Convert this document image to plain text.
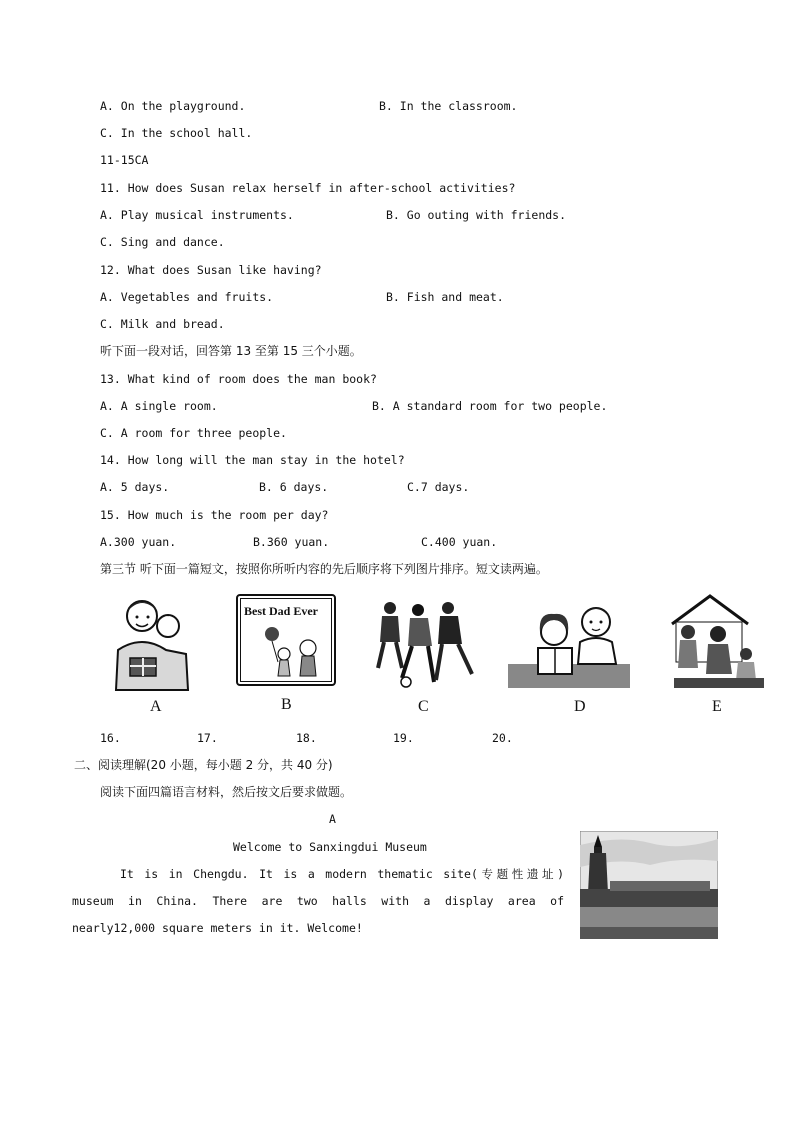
A. On the playground.	B. In the classroom.
C. In the school hall.
11-15CA
11. How does Susan relax herself in after-school activities?
A. Play musical instruments.	B. Go outing with friends.
C. Sing and dance.
12. What does Susan like having?
A. Vegetables and fruits.	B. Fish and meat.
C. Milk and bread.
听下面一段对话，回答第 13 至第 15 三个小题。
13. What kind of room does the man book?
A. A single room.	B. A standard room for two people.
C. A room for three people.
14. How long will the man stay in the hotel?
A. 5 days.	B. 6 days.	C.7 days.
15. How much is the room per day?
A.300 yuan.	B.360 yuan.	C.400 yuan.
第三节 听下面一篇短文，按照你所听内容的先后顺序将下列图片排序。短文读两遍。
A
Best Dad Ever
B	C	D	E
16.	17.	18.	19.	20.
二、阅读理解(20 小题，每小题 2 分，共 40 分)
阅读下面四篇语言材料，然后按文后要求做题。
A
Welcome to Sanxingdui Museum
It is in Chengdu. It is a modern thematic site(专题性遗址)
museum in China. There are two halls with a display area of
nearly12,000 square meters in it. Welcome!
